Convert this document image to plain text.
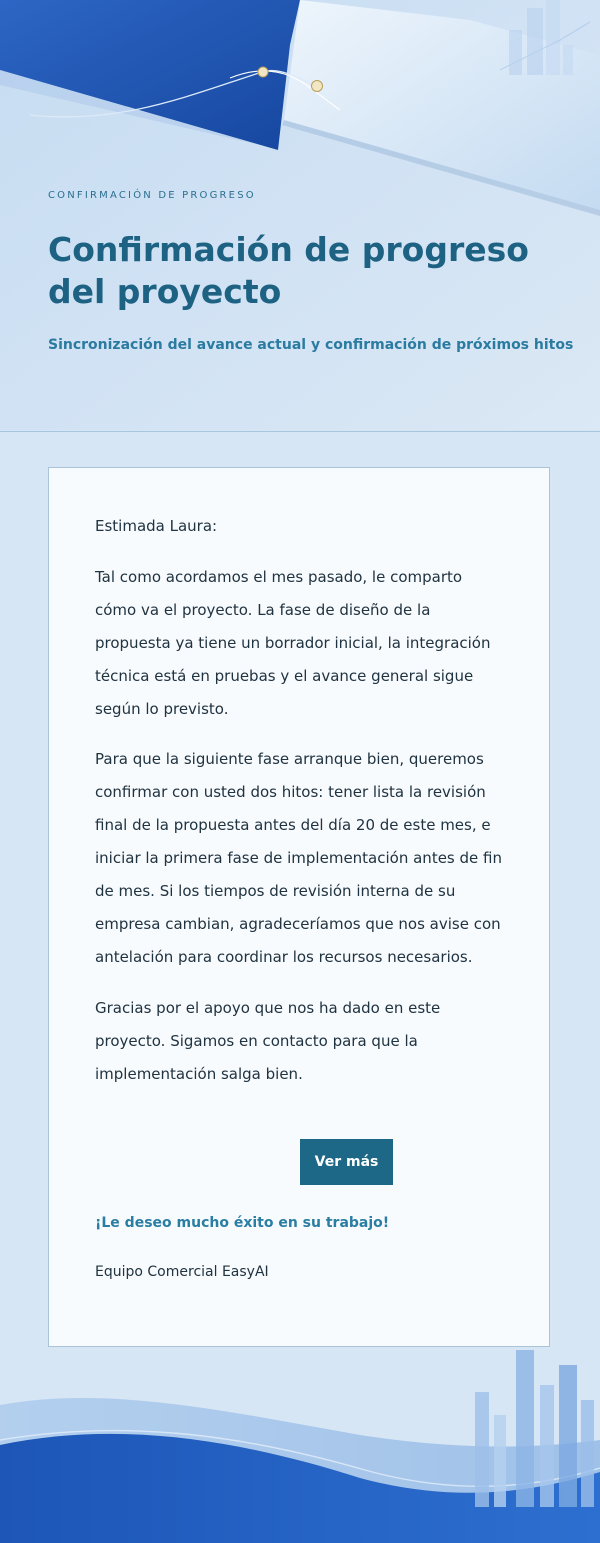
CONFIRMACIÓN DE PROGRESO
Confirmación de progreso del proyecto
Sincronización del avance actual y confirmación de próximos hitos
Estimada Laura:

Tal como acordamos el mes pasado, le comparto cómo va el proyecto. La fase de diseño de la propuesta ya tiene un borrador inicial, la integración técnica está en pruebas y el avance general sigue según lo previsto.

Para que la siguiente fase arranque bien, queremos confirmar con usted dos hitos: tener lista la revisión final de la propuesta antes del día 20 de este mes, e iniciar la primera fase de implementación antes de fin de mes. Si los tiempos de revisión interna de su empresa cambian, agradeceríamos que nos avise con antelación para coordinar los recursos necesarios.

Gracias por el apoyo que nos ha dado en este proyecto. Sigamos en contacto para que la implementación salga bien.

Ver más
¡Le deseo mucho éxito en su trabajo!
Equipo Comercial EasyAI
